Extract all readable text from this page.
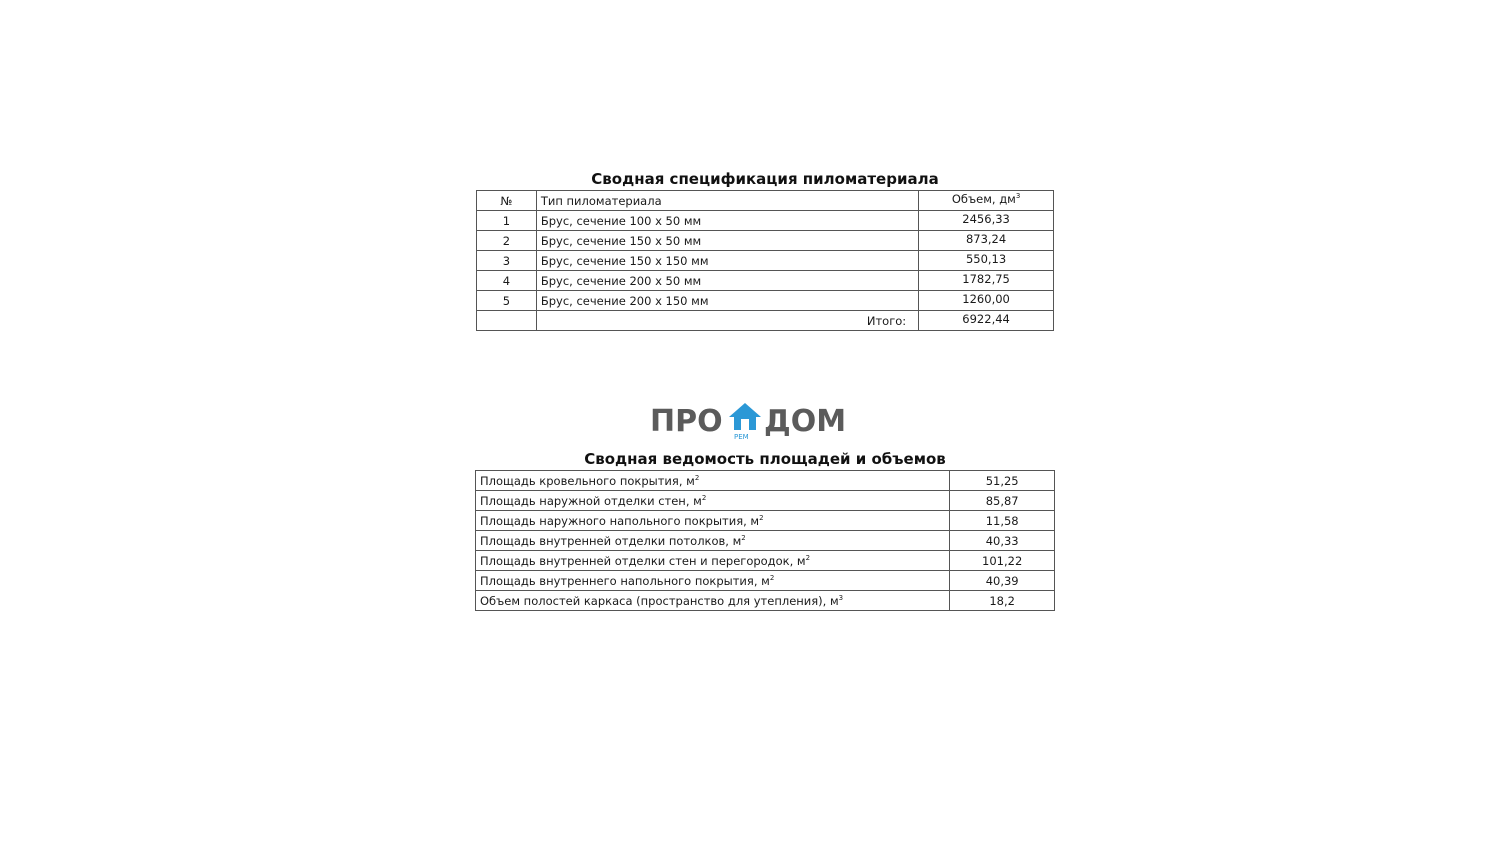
Сводная спецификация пиломатериала
№	Тип пиломатериала	Объем, $дм^3$
1	Брус, сечение 100 x 50 мм	2456,33
2	Брус, сечение 150 x 50 мм	873,24
3	Брус, сечение 150 x 150 мм	550,13
4	Брус, сечение 200 x 50 мм	1782,75
5	Брус, сечение 200 x 150 мм	1260,00
	Итого:	6922,44
ПРО РЕМ ДОМ
Сводная ведомость площадей и объемов
Площадь кровельного покрытия, $м^2$	51,25
Площадь наружной отделки стен, $м^2$	85,87
Площадь наружного напольного покрытия, $м^2$	11,58
Площадь внутренней отделки потолков, $м^2$	40,33
Площадь внутренней отделки стен и перегородок, $м^2$	101,22
Площадь внутреннего напольного покрытия, $м^2$	40,39
Объем полостей каркаса (пространство для утепления), $м^3$	18,2
